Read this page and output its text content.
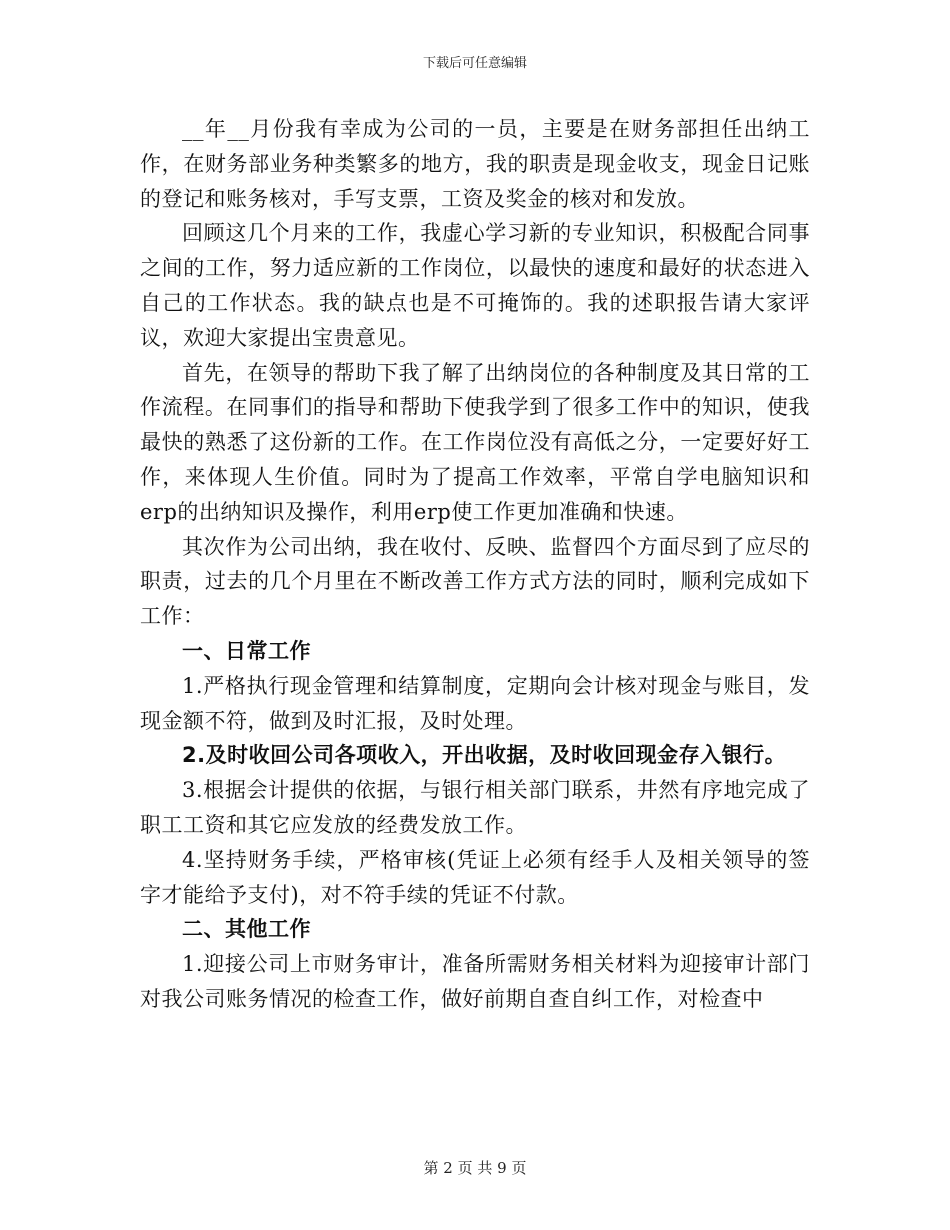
下载后可任意编辑

__年__月份我有幸成为公司的一员，主要是在财务部担任出纳工作，在财务部业务种类繁多的地方，我的职责是现金收支，现金日记账的登记和账务核对，手写支票，工资及奖金的核对和发放。

回顾这几个月来的工作，我虚心学习新的专业知识，积极配合同事之间的工作，努力适应新的工作岗位，以最快的速度和最好的状态进入自己的工作状态。我的缺点也是不可掩饰的。我的述职报告请大家评议，欢迎大家提出宝贵意见。

首先，在领导的帮助下我了解了出纳岗位的各种制度及其日常的工作流程。在同事们的指导和帮助下使我学到了很多工作中的知识，使我最快的熟悉了这份新的工作。在工作岗位没有高低之分，一定要好好工作，来体现人生价值。同时为了提高工作效率，平常自学电脑知识和erp的出纳知识及操作，利用erp使工作更加准确和快速。

其次作为公司出纳，我在收付、反映、监督四个方面尽到了应尽的职责，过去的几个月里在不断改善工作方式方法的同时，顺利完成如下工作：

一、日常工作

1.严格执行现金管理和结算制度，定期向会计核对现金与账目，发现金额不符，做到及时汇报，及时处理。

2.及时收回公司各项收入，开出收据，及时收回现金存入银行。

3.根据会计提供的依据，与银行相关部门联系，井然有序地完成了职工工资和其它应发放的经费发放工作。

4.坚持财务手续，严格审核(凭证上必须有经手人及相关领导的签字才能给予支付)，对不符手续的凭证不付款。

二、其他工作

1.迎接公司上市财务审计，准备所需财务相关材料为迎接审计部门对我公司账务情况的检查工作，做好前期自查自纠工作，对检查中

第 2 页 共 9 页
